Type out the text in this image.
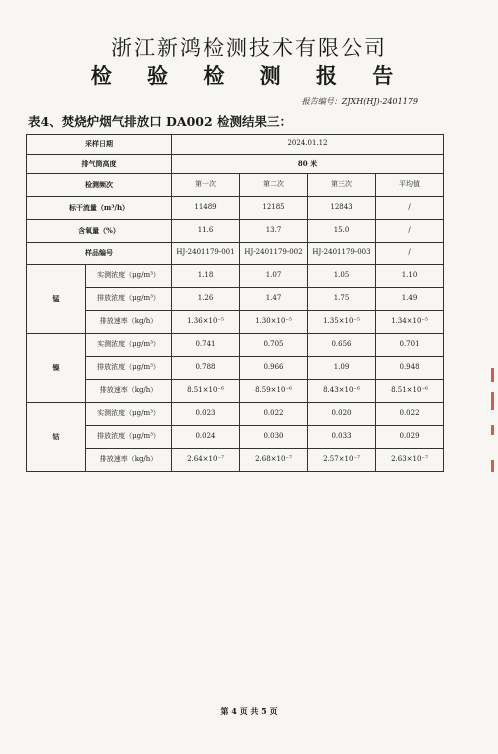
浙江新鸿检测技术有限公司
检 验 检 测 报 告
报告编号：ZJXH(HJ)-2401179
表4、焚烧炉烟气排放口 DA002 检测结果三：
采样日期		2024.01.12			
排气筒高度		80 米			
检测频次		第一次	第二次	第三次	平均值
标干流量（m³/h）		11489	12185	12843	/
含氧量（%）		11.6	13.7	15.0	/
样品编号		HJ-2401179-001	HJ-2401179-002	HJ-2401179-003	/
锰	实测浓度（μg/m³）	1.18	1.07	1.05	1.10
	排放浓度（μg/m³）	1.26	1.47	1.75	1.49
	排放速率（kg/h）	1.36×10⁻⁵	1.30×10⁻⁵	1.35×10⁻⁵	1.34×10⁻⁵
镍	实测浓度（μg/m³）	0.741	0.705	0.656	0.701
	排放浓度（μg/m³）	0.788	0.966	1.09	0.948
	排放速率（kg/h）	8.51×10⁻⁶	8.59×10⁻⁶	8.43×10⁻⁶	8.51×10⁻⁶
钴	实测浓度（μg/m³）	0.023	0.022	0.020	0.022
	排放浓度（μg/m³）	0.024	0.030	0.033	0.029
	排放速率（kg/h）	2.64×10⁻⁷	2.68×10⁻⁷	2.57×10⁻⁷	2.63×10⁻⁷
第 4 页 共 5 页
